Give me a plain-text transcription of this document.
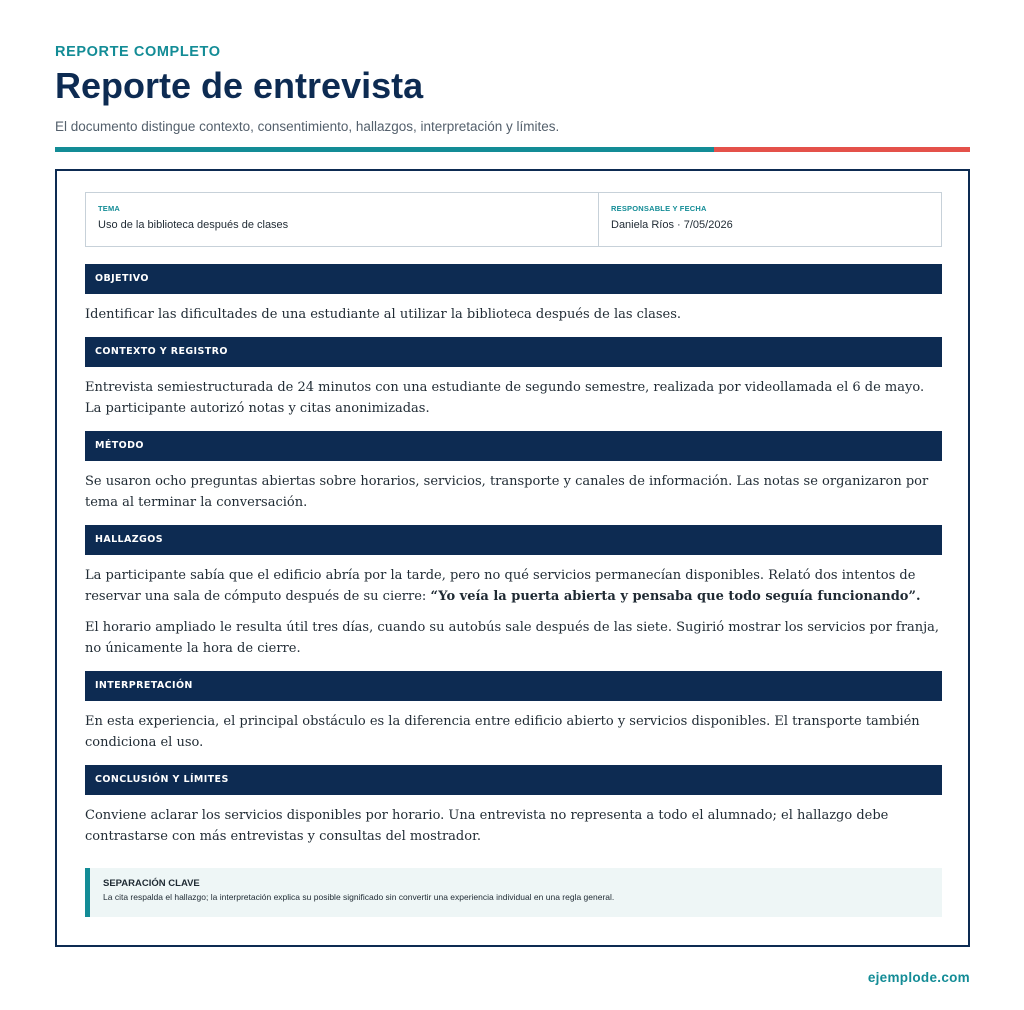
REPORTE COMPLETO
Reporte de entrevista
El documento distingue contexto, consentimiento, hallazgos, interpretación y límites.
TEMA
Uso de la biblioteca después de clases
RESPONSABLE Y FECHA
Daniela Ríos · 7/05/2026
OBJETIVO

Identificar las dificultades de una estudiante al utilizar la biblioteca después de las clases.

CONTEXTO Y REGISTRO

Entrevista semiestructurada de 24 minutos con una estudiante de segundo semestre, realizada por videollamada el 6 de mayo. La participante autorizó notas y citas anonimizadas.

MÉTODO

Se usaron ocho preguntas abiertas sobre horarios, servicios, transporte y canales de información. Las notas se organizaron por tema al terminar la conversación.

HALLAZGOS

La participante sabía que el edificio abría por la tarde, pero no qué servicios permanecían disponibles. Relató dos intentos de reservar una sala de cómputo después de su cierre: “Yo veía la puerta abierta y pensaba que todo seguía funcionando”.

El horario ampliado le resulta útil tres días, cuando su autobús sale después de las siete. Sugirió mostrar los servicios por franja, no únicamente la hora de cierre.

INTERPRETACIÓN

En esta experiencia, el principal obstáculo es la diferencia entre edificio abierto y servicios disponibles. El transporte también condiciona el uso.

CONCLUSIÓN Y LÍMITES

Conviene aclarar los servicios disponibles por horario. Una entrevista no representa a todo el alumnado; el hallazgo debe contrastarse con más entrevistas y consultas del mostrador.

SEPARACIÓN CLAVE
La cita respalda el hallazgo; la interpretación explica su posible significado sin convertir una experiencia individual en una regla general.
ejemplode.com
